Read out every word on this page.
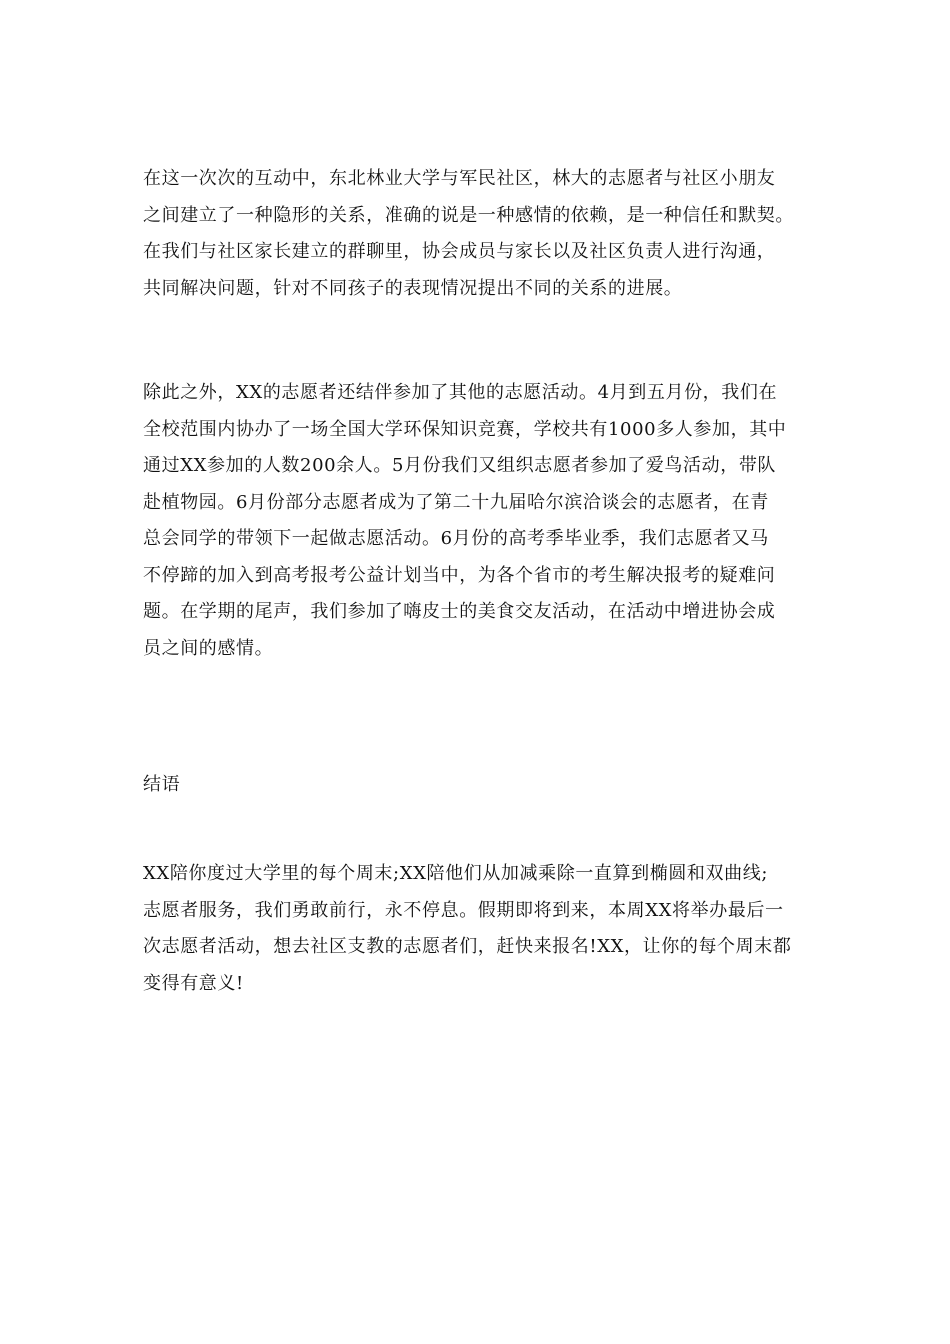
在这一次次的互动中，东北林业大学与军民社区，林大的志愿者与社区小朋友
之间建立了一种隐形的关系，准确的说是一种感情的依赖，是一种信任和默契。
在我们与社区家长建立的群聊里，协会成员与家长以及社区负责人进行沟通，
共同解决问题，针对不同孩子的表现情况提出不同的关系的进展。
除此之外，XX的志愿者还结伴参加了其他的志愿活动。4月到五月份，我们在
全校范围内协办了一场全国大学环保知识竞赛，学校共有1000多人参加，其中
通过XX参加的人数200余人。5月份我们又组织志愿者参加了爱鸟活动，带队
赴植物园。6月份部分志愿者成为了第二十九届哈尔滨洽谈会的志愿者，在青
总会同学的带领下一起做志愿活动。6月份的高考季毕业季，我们志愿者又马
不停蹄的加入到高考报考公益计划当中，为各个省市的考生解决报考的疑难问
题。在学期的尾声，我们参加了嗨皮士的美食交友活动，在活动中增进协会成
员之间的感情。
结语
XX陪你度过大学里的每个周末;XX陪他们从加减乘除一直算到椭圆和双曲线;
志愿者服务，我们勇敢前行，永不停息。假期即将到来，本周XX将举办最后一
次志愿者活动，想去社区支教的志愿者们，赶快来报名!XX，让你的每个周末都
变得有意义!
